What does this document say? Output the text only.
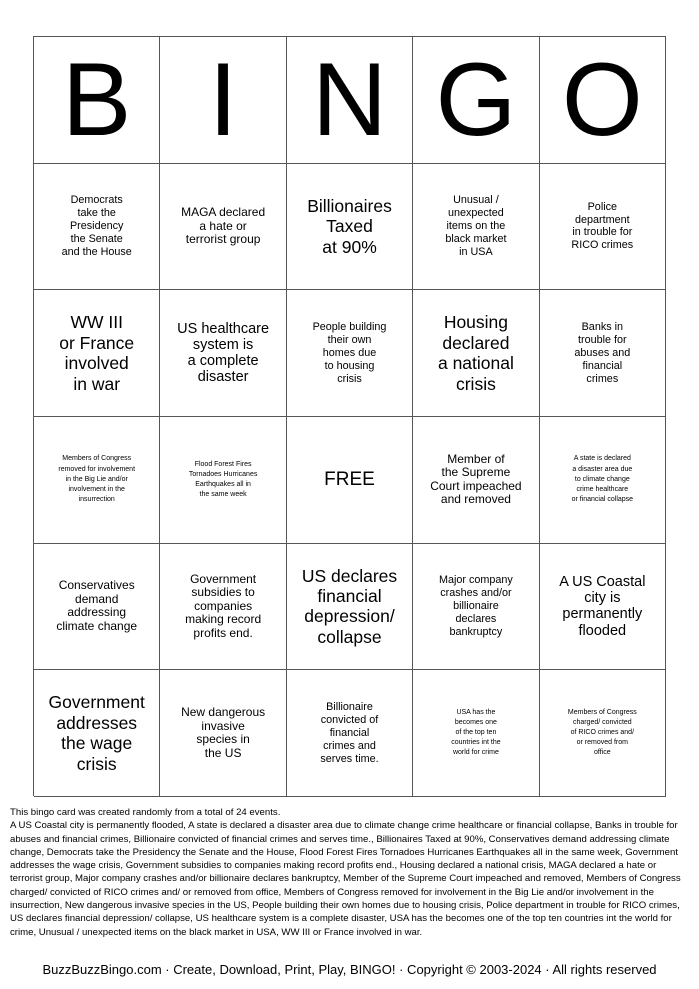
B I N G O
Democrats
take the
Presidency
the Senate
and the House
MAGA declared
a hate or
terrorist group
Billionaires
Taxed
at 90%
Unusual /
unexpected
items on the
black market
in USA
Police
department
in trouble for
RICO crimes
WW III
or France
involved
in war
US healthcare
system is
a complete
disaster
People building
their own
homes due
to housing
crisis
Housing
declared
a national
crisis
Banks in
trouble for
abuses and
financial
crimes
Members of Congress
removed for involvement
in the Big Lie and/or
involvement in the
insurrection
Flood Forest Fires
Tornadoes Hurricanes
Earthquakes all in
the same week
FREE
Member of
the Supreme
Court impeached
and removed
A state is declared
a disaster area due
to climate change
crime healthcare
or financial collapse
Conservatives
demand
addressing
climate change
Government
subsidies to
companies
making record
profits end.
US declares
financial
depression/
collapse
Major company
crashes and/or
billionaire
declares
bankruptcy
A US Coastal
city is
permanently
flooded
Government
addresses
the wage
crisis
New dangerous
invasive
species in
the US
Billionaire
convicted of
financial
crimes and
serves time.
USA has the
becomes one
of the top ten
countries int the
world for crime
Members of Congress
charged/ convicted
of RICO crimes and/
or removed from
office

This bingo card was created randomly from a total of 24 events.

A US Coastal city is permanently flooded, A state is declared a disaster area due to climate change crime healthcare or financial collapse, Banks in trouble for abuses and financial crimes, Billionaire convicted of financial crimes and serves time., Billionaires Taxed at 90%, Conservatives demand addressing climate change, Democrats take the Presidency the Senate and the House, Flood Forest Fires Tornadoes Hurricanes Earthquakes all in the same week, Government addresses the wage crisis, Government subsidies to companies making record profits end., Housing declared a national crisis, MAGA declared a hate or terrorist group, Major company crashes and/or billionaire declares bankruptcy, Member of the Supreme Court impeached and removed, Members of Congress charged/ convicted of RICO crimes and/ or removed from office, Members of Congress removed for involvement in the Big Lie and/or involvement in the insurrection, New dangerous invasive species in the US, People building their own homes due to housing crisis, Police department in trouble for RICO crimes, US declares financial depression/ collapse, US healthcare system is a complete disaster, USA has the becomes one of the top ten countries int the world for crime, Unusual / unexpected items on the black market in USA, WW III or France involved in war.

BuzzBuzzBingo.com · Create, Download, Print, Play, BINGO! · Copyright © 2003-2024 · All rights reserved
